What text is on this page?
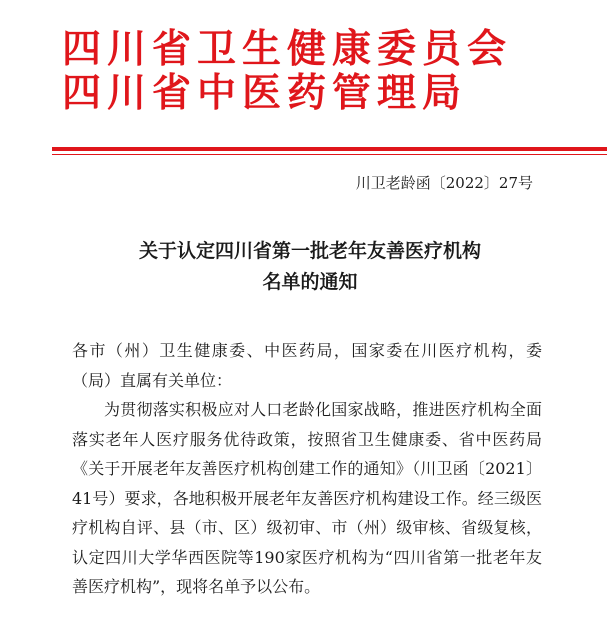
四川省卫生健康委员会
四川省中医药管理局
川卫老龄函〔2022〕27号
关于认定四川省第一批老年友善医疗机构
名单的通知

各市（州）卫生健康委、中医药局，国家委在川医疗机构，委（局）直属有关单位：

为贯彻落实积极应对人口老龄化国家战略，推进医疗机构全面落实老年人医疗服务优待政策，按照省卫生健康委、省中医药局《关于开展老年友善医疗机构创建工作的通知》（川卫函〔2021〕41号）要求，各地积极开展老年友善医疗机构建设工作。经三级医疗机构自评、县（市、区）级初审、市（州）级审核、省级复核，认定四川大学华西医院等190家医疗机构为“四川省第一批老年友善医疗机构”，现将名单予以公布。
